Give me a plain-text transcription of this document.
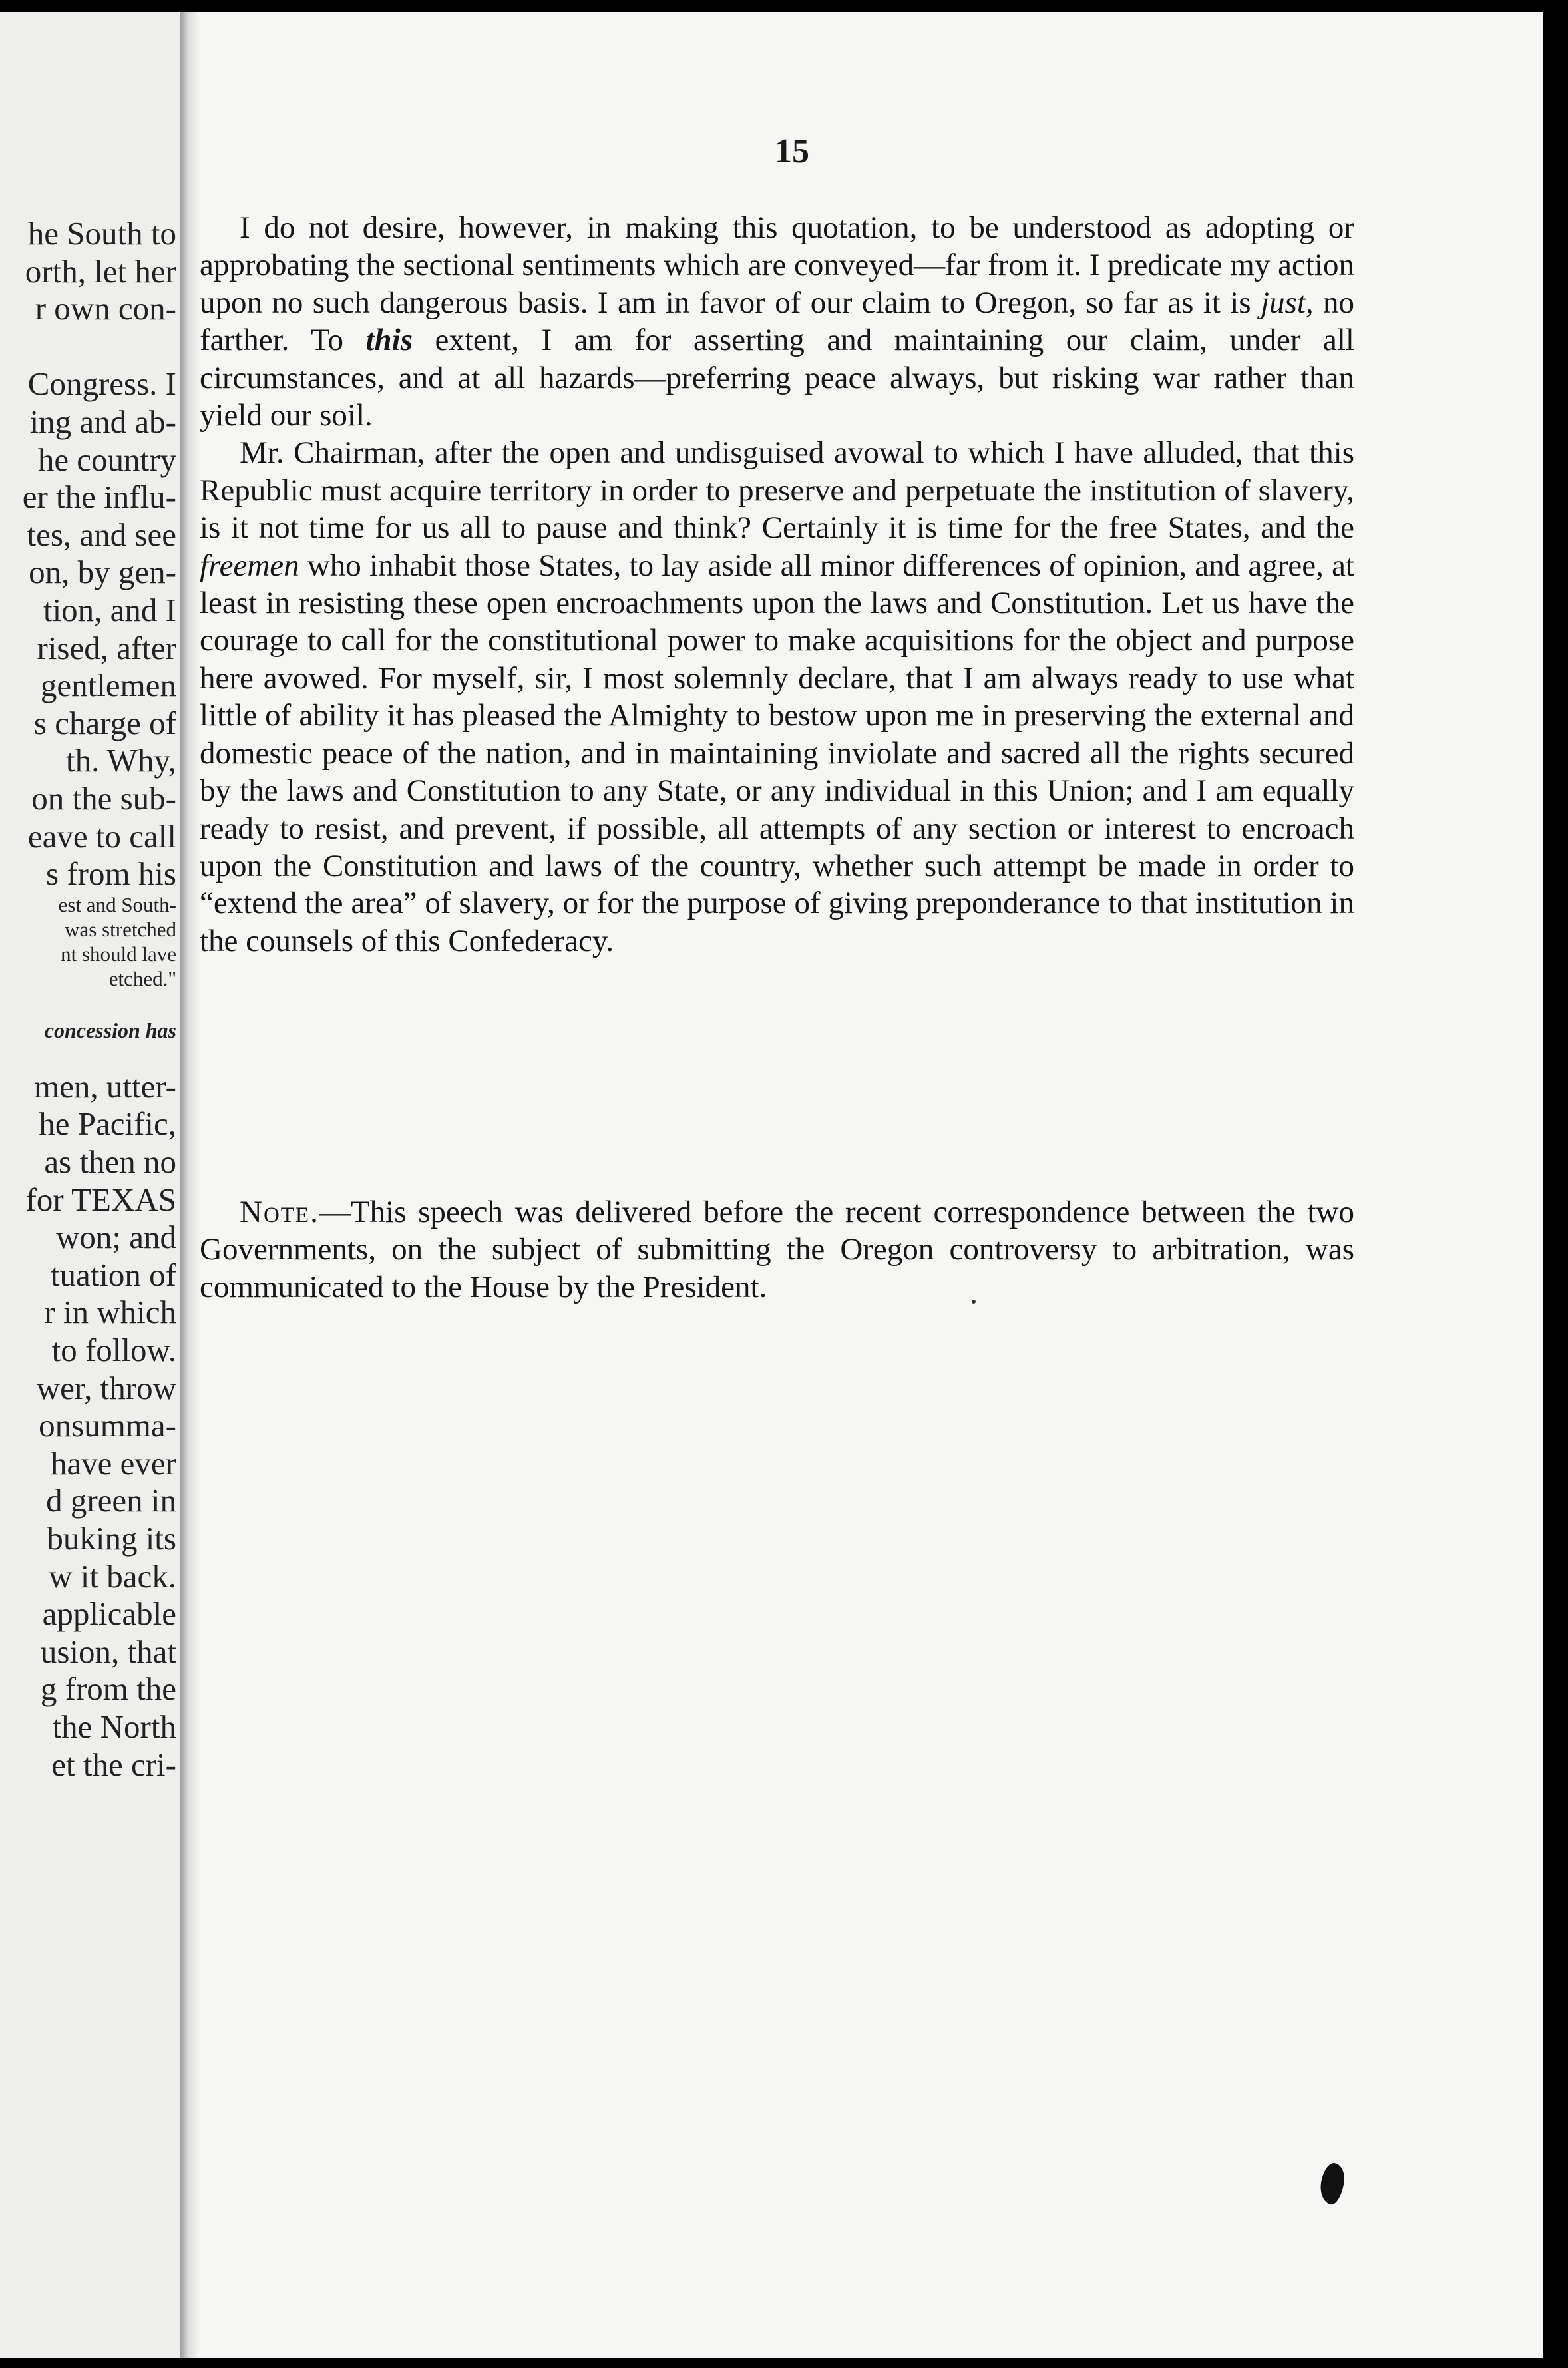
he South to
orth, let her
r own con-
Congress. I
ing and ab-
he country
er the influ-
tes, and see
on, by gen-
tion, and I
rised, after
gentlemen
s charge of
th. Why,
on the sub-
eave to call
s from his
est and South-
was stretched
nt should lave
etched."
concession has
men, utter-
he Pacific,
as then no
for TEXAS
won; and
tuation of
r in which
to follow.
wer, throw
onsumma-
have ever
d green in
buking its
w it back.
applicable
usion, that
g from the
the North
et the cri-
15

I do not desire, however, in making this quotation, to be understood as adopting or approbating the sectional sentiments which are conveyed—far from it. I predicate my action upon no such dangerous basis. I am in favor of our claim to Oregon, so far as it is just, no farther. To this extent, I am for asserting and maintaining our claim, under all circumstances, and at all hazards—preferring peace always, but risking war rather than yield our soil.

Mr. Chairman, after the open and undisguised avowal to which I have alluded, that this Republic must acquire territory in order to preserve and perpetuate the institution of slavery, is it not time for us all to pause and think? Certainly it is time for the free States, and the freemen who inhabit those States, to lay aside all minor differences of opinion, and agree, at least in resisting these open encroachments upon the laws and Constitution. Let us have the courage to call for the constitutional power to make acquisitions for the object and purpose here avowed. For myself, sir, I most solemnly declare, that I am always ready to use what little of ability it has pleased the Almighty to bestow upon me in preserving the external and domestic peace of the nation, and in maintaining inviolate and sacred all the rights secured by the laws and Constitution to any State, or any individual in this Union; and I am equally ready to resist, and prevent, if possible, all attempts of any section or interest to encroach upon the Constitution and laws of the country, whether such attempt be made in order to “extend the area” of slavery, or for the purpose of giving preponderance to that institution in the counsels of this Confederacy.

Note.—This speech was delivered before the recent correspondence between the two Governments, on the subject of submitting the Oregon controversy to arbitration, was communicated to the House by the President.
